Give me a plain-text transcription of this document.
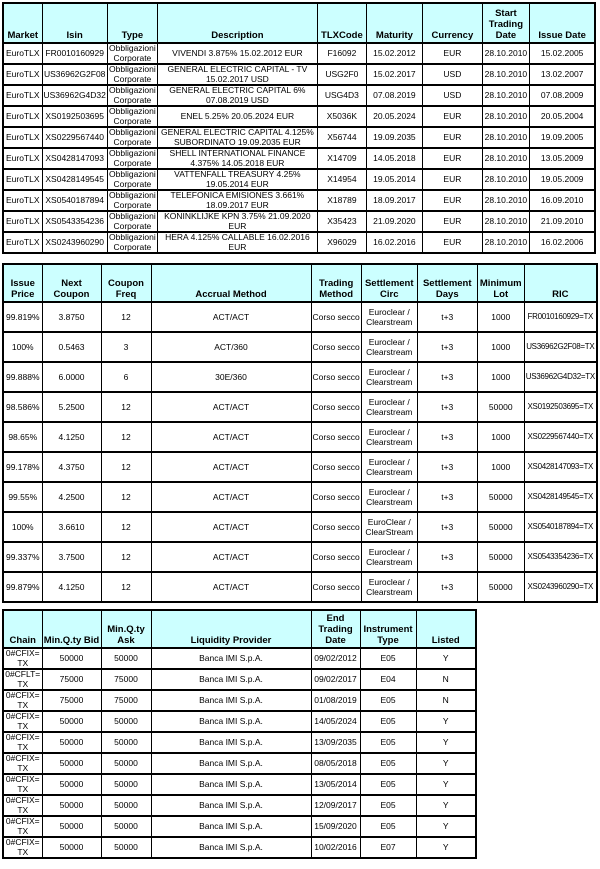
Market	Isin	Type	Description	TLXCode	Maturity	Currency	Start Trading Date	Issue Date
EuroTLX	FR0010160929	Obbligazioni Corporate	VIVENDI 3.875% 15.02.2012 EUR	F16092	15.02.2012	EUR	28.10.2010	15.02.2005
EuroTLX	US36962G2F08	Obbligazioni Corporate	GENERAL ELECTRIC CAPITAL - TV 15.02.2017 USD	USG2F0	15.02.2017	USD	28.10.2010	13.02.2007
EuroTLX	US36962G4D32	Obbligazioni Corporate	GENERAL ELECTRIC CAPITAL 6% 07.08.2019 USD	USG4D3	07.08.2019	USD	28.10.2010	07.08.2009
EuroTLX	XS0192503695	Obbligazioni Corporate	ENEL 5.25% 20.05.2024 EUR	X5036K	20.05.2024	EUR	28.10.2010	20.05.2004
EuroTLX	XS0229567440	Obbligazioni Corporate	GENERAL ELECTRIC CAPITAL 4.125% SUBORDINATO 19.09.2035 EUR	X56744	19.09.2035	EUR	28.10.2010	19.09.2005
EuroTLX	XS0428147093	Obbligazioni Corporate	SHELL INTERNATIONAL FINANCE 4.375% 14.05.2018 EUR	X14709	14.05.2018	EUR	28.10.2010	13.05.2009
EuroTLX	XS0428149545	Obbligazioni Corporate	VATTENFALL TREASURY 4.25% 19.05.2014 EUR	X14954	19.05.2014	EUR	28.10.2010	19.05.2009
EuroTLX	XS0540187894	Obbligazioni Corporate	TELEFONICA EMISIONES 3.661% 18.09.2017 EUR	X18789	18.09.2017	EUR	28.10.2010	16.09.2010
EuroTLX	XS0543354236	Obbligazioni Corporate	KONINKLIJKE KPN 3.75% 21.09.2020 EUR	X35423	21.09.2020	EUR	28.10.2010	21.09.2010
EuroTLX	XS0243960290	Obbligazioni Corporate	HERA 4.125% CALLABLE 16.02.2016 EUR	X96029	16.02.2016	EUR	28.10.2010	16.02.2006
Issue Price	Next Coupon	Coupon Freq	Accrual Method	Trading Method	Settlement Circ	Settlement Days	Minimum Lot	RIC
99.819%	3.8750	12	ACT/ACT	Corso secco	Euroclear / Clearstream	t+3	1000	FR0010160929=TX
100%	0.5463	3	ACT/360	Corso secco	Euroclear / Clearstream	t+3	1000	US36962G2F08=TX
99.888%	6.0000	6	30E/360	Corso secco	Euroclear / Clearstream	t+3	1000	US36962G4D32=TX
98.586%	5.2500	12	ACT/ACT	Corso secco	Euroclear / Clearstream	t+3	50000	XS0192503695=TX
98.65%	4.1250	12	ACT/ACT	Corso secco	Euroclear / Clearstream	t+3	1000	XS0229567440=TX
99.178%	4.3750	12	ACT/ACT	Corso secco	Euroclear / Clearstream	t+3	1000	XS0428147093=TX
99.55%	4.2500	12	ACT/ACT	Corso secco	Euroclear / Clearstream	t+3	50000	XS0428149545=TX
100%	3.6610	12	ACT/ACT	Corso secco	EuroClear / ClearStream	t+3	50000	XS0540187894=TX
99.337%	3.7500	12	ACT/ACT	Corso secco	Euroclear / Clearstream	t+3	50000	XS0543354236=TX
99.879%	4.1250	12	ACT/ACT	Corso secco	Euroclear / Clearstream	t+3	50000	XS0243960290=TX
Chain	Min.Q.ty Bid	Min.Q.ty Ask	Liquidity Provider	End Trading Date	Instrument Type	Listed
0#CFIX=TX	50000	50000	Banca IMI S.p.A.	09/02/2012	E05	Y
0#CFLT=TX	75000	75000	Banca IMI S.p.A.	09/02/2017	E04	N
0#CFIX=TX	75000	75000	Banca IMI S.p.A.	01/08/2019	E05	N
0#CFIX=TX	50000	50000	Banca IMI S.p.A.	14/05/2024	E05	Y
0#CFIX=TX	50000	50000	Banca IMI S.p.A.	13/09/2035	E05	Y
0#CFIX=TX	50000	50000	Banca IMI S.p.A.	08/05/2018	E05	Y
0#CFIX=TX	50000	50000	Banca IMI S.p.A.	13/05/2014	E05	Y
0#CFIX=TX	50000	50000	Banca IMI S.p.A.	12/09/2017	E05	Y
0#CFIX=TX	50000	50000	Banca IMI S.p.A.	15/09/2020	E05	Y
0#CFIX=TX	50000	50000	Banca IMI S.p.A.	10/02/2016	E07	Y
